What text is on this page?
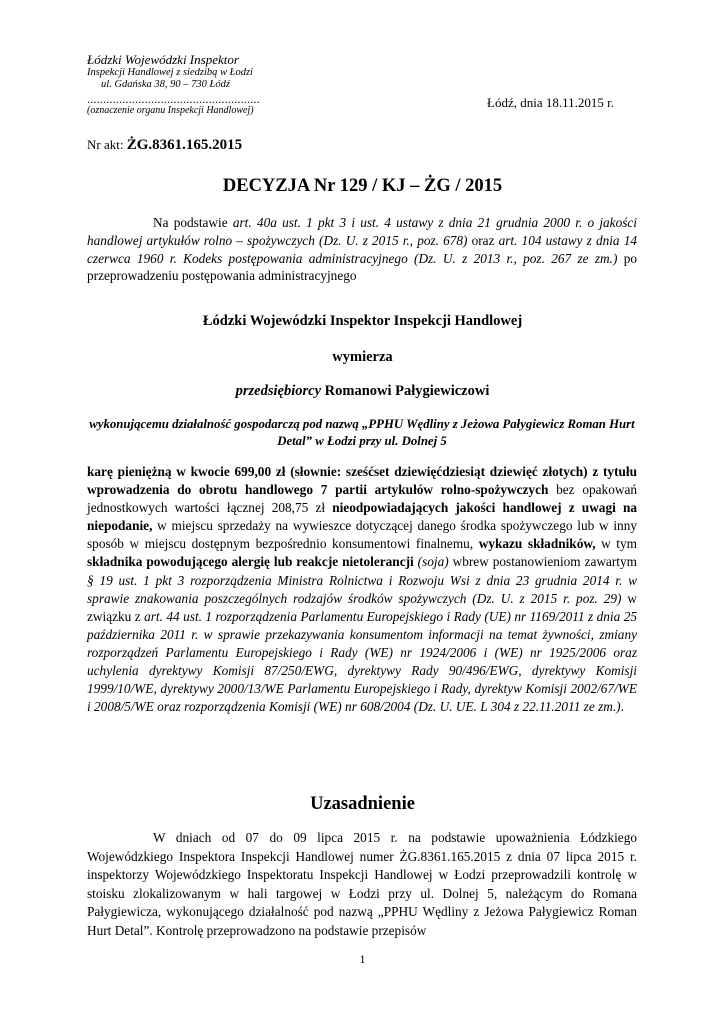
Łódzki Wojewódzki Inspektor
Inspekcji Handlowej z siedzibą w Łodzi
ul. Gdańska 38, 90 – 730 Łódź
......................................................
(oznaczenie organu Inspekcji Handlowej)
Łódź, dnia 18.11.2015 r.
Nr akt: ŻG.8361.165.2015
DECYZJA Nr 129 / KJ – ŻG / 2015
Na podstawie art. 40a ust. 1 pkt 3 i ust. 4 ustawy z dnia 21 grudnia 2000 r. o jakości handlowej artykułów rolno – spożywczych (Dz. U. z 2015 r., poz. 678) oraz art. 104 ustawy z dnia 14 czerwca 1960 r. Kodeks postępowania administracyjnego (Dz. U. z 2013 r., poz. 267 ze zm.) po przeprowadzeniu postępowania administracyjnego
Łódzki Wojewódzki Inspektor Inspekcji Handlowej
wymierza
przedsiębiorcy Romanowi Pałygiewiczowi
wykonującemu działalność gospodarczą pod nazwą „PPHU Wędliny z Jeżowa Pałygiewicz Roman Hurt Detal” w Łodzi przy ul. Dolnej 5
karę pieniężną w kwocie 699,00 zł (słownie: sześćset dziewięćdziesiąt dziewięć złotych) z tytułu wprowadzenia do obrotu handlowego 7 partii artykułów rolno-spożywczych bez opakowań jednostkowych wartości łącznej 208,75 zł nieodpowiadających jakości handlowej z uwagi na niepodanie, w miejscu sprzedaży na wywieszce dotyczącej danego środka spożywczego lub w inny sposób w miejscu dostępnym bezpośrednio konsumentowi finalnemu, wykazu składników, w tym składnika powodującego alergię lub reakcje nietolerancji (soja) wbrew postanowieniom zawartym § 19 ust. 1 pkt 3 rozporządzenia Ministra Rolnictwa i Rozwoju Wsi z dnia 23 grudnia 2014 r. w sprawie znakowania poszczególnych rodzajów środków spożywczych (Dz. U. z 2015 r. poz. 29) w związku z art. 44 ust. 1 rozporządzenia Parlamentu Europejskiego i Rady (UE) nr 1169/2011 z dnia 25 października 2011 r. w sprawie przekazywania konsumentom informacji na temat żywności, zmiany rozporządzeń Parlamentu Europejskiego i Rady (WE) nr 1924/2006 i (WE) nr 1925/2006 oraz uchylenia dyrektywy Komisji 87/250/EWG, dyrektywy Rady 90/496/EWG, dyrektywy Komisji 1999/10/WE, dyrektywy 2000/13/WE Parlamentu Europejskiego i Rady, dyrektyw Komisji 2002/67/WE i 2008/5/WE oraz rozporządzenia Komisji (WE) nr 608/2004 (Dz. U. UE. L 304 z 22.11.2011 ze zm.).
Uzasadnienie
W dniach od 07 do 09 lipca 2015 r. na podstawie upoważnienia Łódzkiego Wojewódzkiego Inspektora Inspekcji Handlowej numer ŻG.8361.165.2015 z dnia 07 lipca 2015 r. inspektorzy Wojewódzkiego Inspektoratu Inspekcji Handlowej w Łodzi przeprowadzili kontrolę w stoisku zlokalizowanym w hali targowej w Łodzi przy ul. Dolnej 5, należącym do Romana Pałygiewicza, wykonującego działalność pod nazwą „PPHU Wędliny z Jeżowa Pałygiewicz Roman Hurt Detal”. Kontrolę przeprowadzono na podstawie przepisów
1
